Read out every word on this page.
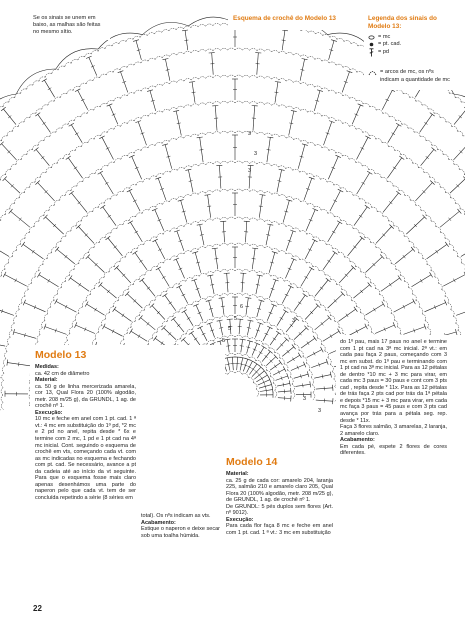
3
3
3
6
5
5
5
3
3
3
Se os sinais se unem em baixo, as malhas são feitas no mesmo sítio.
Esquema de crochê do Modelo 13	Legenda dos sinais do Modelo 13:
= mc
= pt. cad.
= pd
= arcos de mc, os nºs indicam a quantidade de mc
Modelo 13
Medidas:
ca. 42 cm de diâmetro
Material:
ca. 50 g de linha mercerizada amarela, cor 13, Qual Flora 20 (100% algodão, metr. 208 m/25 g), da GRUNDL, 1 ag. de crochê nº 1.
Execução:
10 mc e feche em anel com 1 pt. cad. 1 ª vt.: 4 mc em substituição do 1º pd, *2 mc e 2 pd no anel, repita desde * 6x e termine com 2 mc, 1 pd e 1 pt cad na 4ª mc inicial. Cont. seguindo o esquema de crochê em vts, começando cada vt. com as mc indicadas no esquema e fechando com pt. cad. Se necessário, avance a pt da cadeia até ao início da vt seguinte. Para que o esquema fosse mais claro apenas desenhámos uma parte do naperon pelo que cada vt. tem de ser concluída repetindo a série (8 séries em
total). Os nºs indicam as vts.
Acabamento:
Estique o naperon e deixe secar sob uma toalha húmida.
Modelo 14
Material:
ca. 25 g de cada cor: amarelo 204, laranja 225, salmão 210 e amarelo claro 205, Qual Flora 20 (100% algodão, metr. 208 m/25 g), de GRUNDL, 1 ag. de crochê nº 1.
De GRUNDL: 5 pés duplos sem flores (Art. nº 9012).
Execução:
Para cada flor faça 8 mc e feche em anel com 1 pt. cad. 1 ª vt.: 3 mc em substituição
do 1º pau, mais 17 paus no anel e termine com 1 pt cad na 3ª mc inicial. 2ª vt.: em cada pau faça 2 paus, começando com 3 mc em subst. do 1º pau e terminando com 1 pt cad na 3ª mc inicial. Para as 12 pétalas de dentro *10 mc + 3 mc para virar, em cada mc 3 paus = 30 paus e cont com 3 pts cad , repita desde * 11x. Para as 12 pétalas de trás faça 2 pts cad por trás da 1ª pétala e depois *15 mc + 3 mc para virar, em cada mc faça 3 paus = 45 paus e com 3 pts cad avança por trás para a pétala seg. rep. desde * 11x.
Faça 3 flores salmão, 3 amarelas, 2 laranja, 2 amarelo claro.
Acabamento:
Em cada pé, espete 2 flores de cores diferentes.
22
